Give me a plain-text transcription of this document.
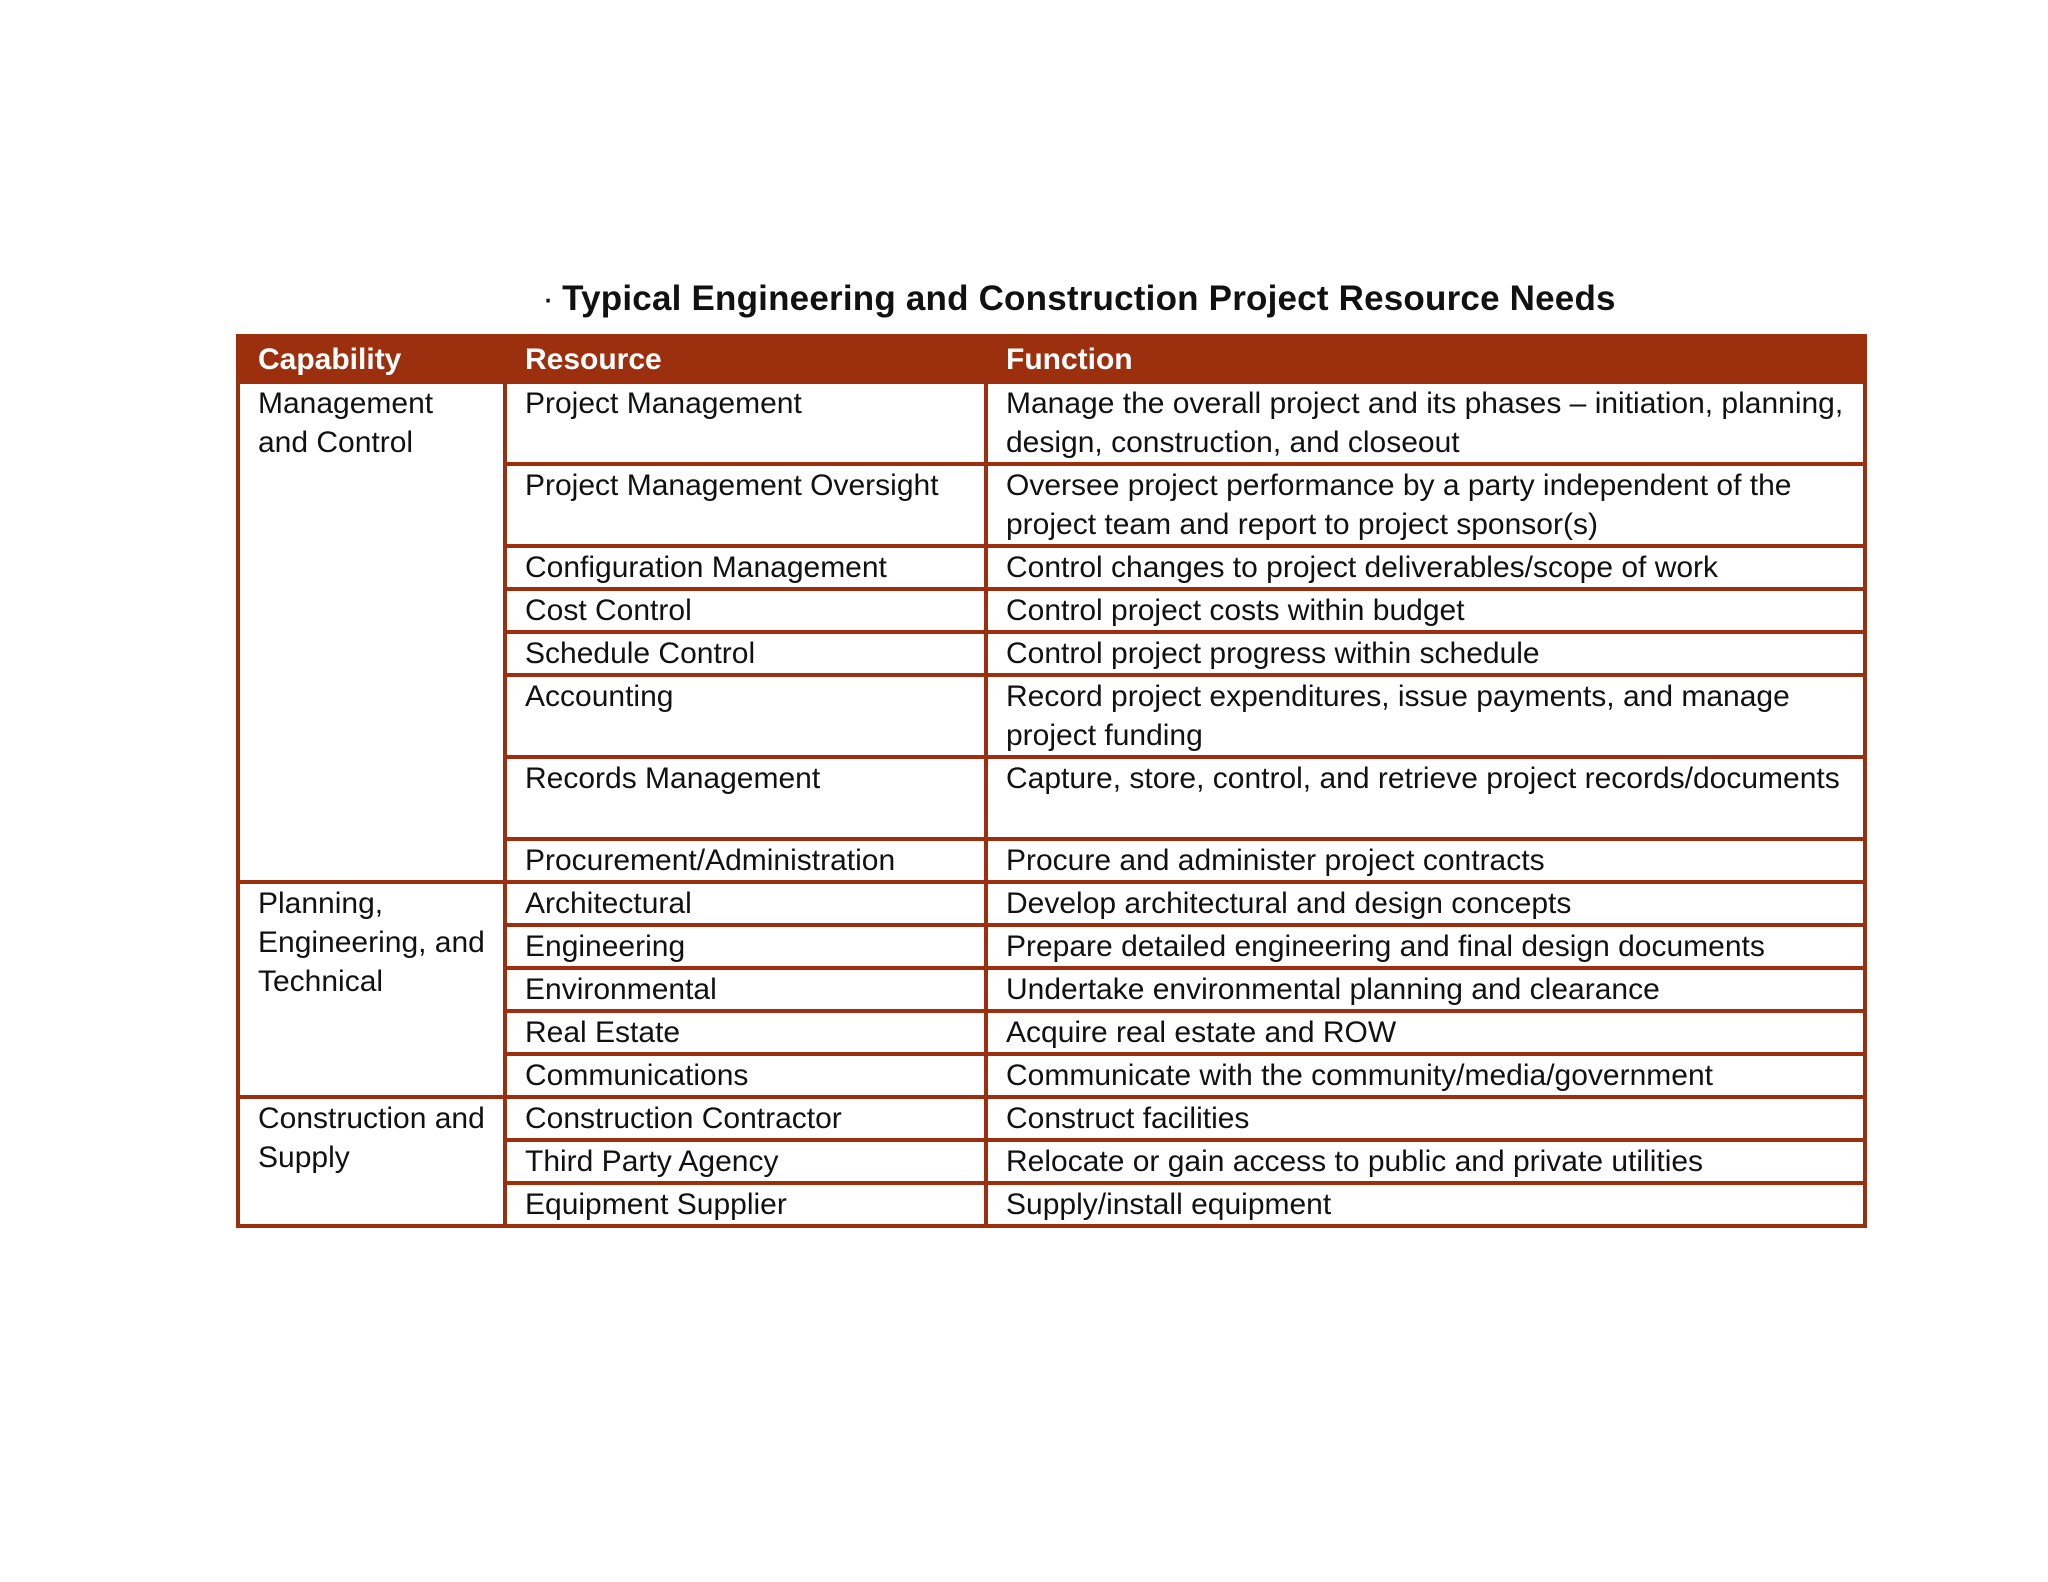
· Typical Engineering and Construction Project Resource Needs
Capability	Resource	Function
Management and Control	Project Management	Manage the overall project and its phases – initiation, planning, design, construction, and closeout
	Project Management Oversight	Oversee project performance by a party independent of the project team and report to project sponsor(s)
	Configuration Management	Control changes to project deliverables/scope of work
	Cost Control	Control project costs within budget
	Schedule Control	Control project progress within schedule
	Accounting	Record project expenditures, issue payments, and manage project funding
	Records Management	Capture, store, control, and retrieve project records/documents
	Procurement/Administration	Procure and administer project contracts
Planning, Engineering, and Technical	Architectural	Develop architectural and design concepts
	Engineering	Prepare detailed engineering and final design documents
	Environmental	Undertake environmental planning and clearance
	Real Estate	Acquire real estate and ROW
	Communications	Communicate with the community/media/government
Construction and Supply	Construction Contractor	Construct facilities
	Third Party Agency	Relocate or gain access to public and private utilities
	Equipment Supplier	Supply/install equipment
